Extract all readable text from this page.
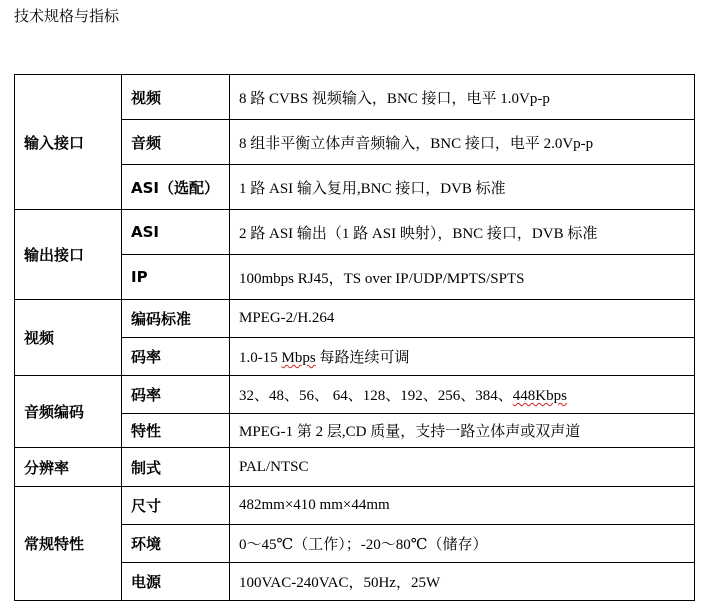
技术规格与指标
输入接口	视频	8 路 CVBS 视频输入，BNC 接口，电平 1.0Vp-p
	音频	8 组非平衡立体声音频输入，BNC 接口，电平 2.0Vp-p
	ASI（选配）	1 路 ASI 输入复用,BNC 接口，DVB 标准
输出接口	ASI	2 路 ASI 输出（1 路 ASI 映射），BNC 接口，DVB 标准
	IP	100mbps RJ45，TS over IP/UDP/MPTS/SPTS
视频	编码标准	MPEG-2/H.264
	码率	1.0-15 Mbps 每路连续可调
音频编码	码率	32、48、56、 64、128、192、256、384、448Kbps
	特性	MPEG-1 第 2 层,CD 质量，支持一路立体声或双声道
分辨率	制式	PAL/NTSC
常规特性	尺寸	482mm×410 mm×44mm
	环境	0～45℃（工作）；-20～80℃（储存）
	电源	100VAC-240VAC，50Hz，25W
